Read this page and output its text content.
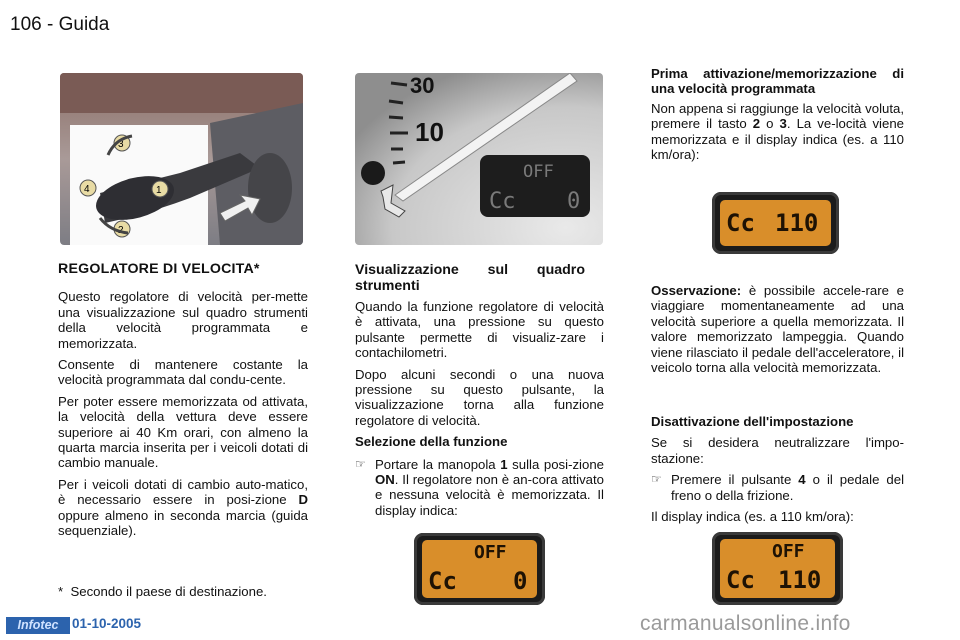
106 - Guida
3
4	1
2
30
10
OFF
Cc 0
REGOLATORE DI VELOCITA*

Questo regolatore di velocità per-mette una visualizzazione sul quadro strumenti della velocità programmata e memorizzata.

Consente di mantenere costante la velocità programmata dal condu-cente.

Per poter essere memorizzata od attivata, la velocità della vettura deve essere superiore ai 40 Km orari, con almeno la quarta marcia inserita per i veicoli dotati di cambio manuale.

Per i veicoli dotati di cambio auto-matico, è necessario essere in posi-zione D oppure almeno in seconda marcia (guida sequenziale).

*  Secondo il paese di destinazione.
Visualizzazione sul quadro strumenti

Quando la funzione regolatore di velocità è attivata, una pressione su questo pulsante permette di visualiz-zare i contachilometri.

Dopo alcuni secondi o una nuova pressione su questo pulsante, la visualizzazione torna alla funzione regolatore di velocità.

Selezione della funzione

☞ Portare la manopola 1 sulla posi-zione ON. Il regolatore non è an-cora attivato e nessuna velocità è memorizzata. Il display indica:

Prima attivazione/memorizzazione di una velocità programmata

Non appena si raggiunge la velocità voluta, premere il tasto 2 o 3. La ve-locità viene memorizzata e il display indica (es. a 110 km/ora):

Osservazione: è possibile accele-rare e viaggiare momentaneamente ad una velocità superiore a quella memorizzata. Il valore memorizzato lampeggia. Quando viene rilasciato il pedale dell'acceleratore, il veicolo torna alla velocità memorizzata.

Disattivazione dell'impostazione

Se si desidera neutralizzare l'impo-stazione:

☞ Premere il pulsante 4 o il pedale del freno o della frizione.

Il display indica (es. a 110 km/ora):

Cc 110
OFF
Cc 0
OFF
Cc 110
Infotec	01-10-2005	carmanualsonline.info
